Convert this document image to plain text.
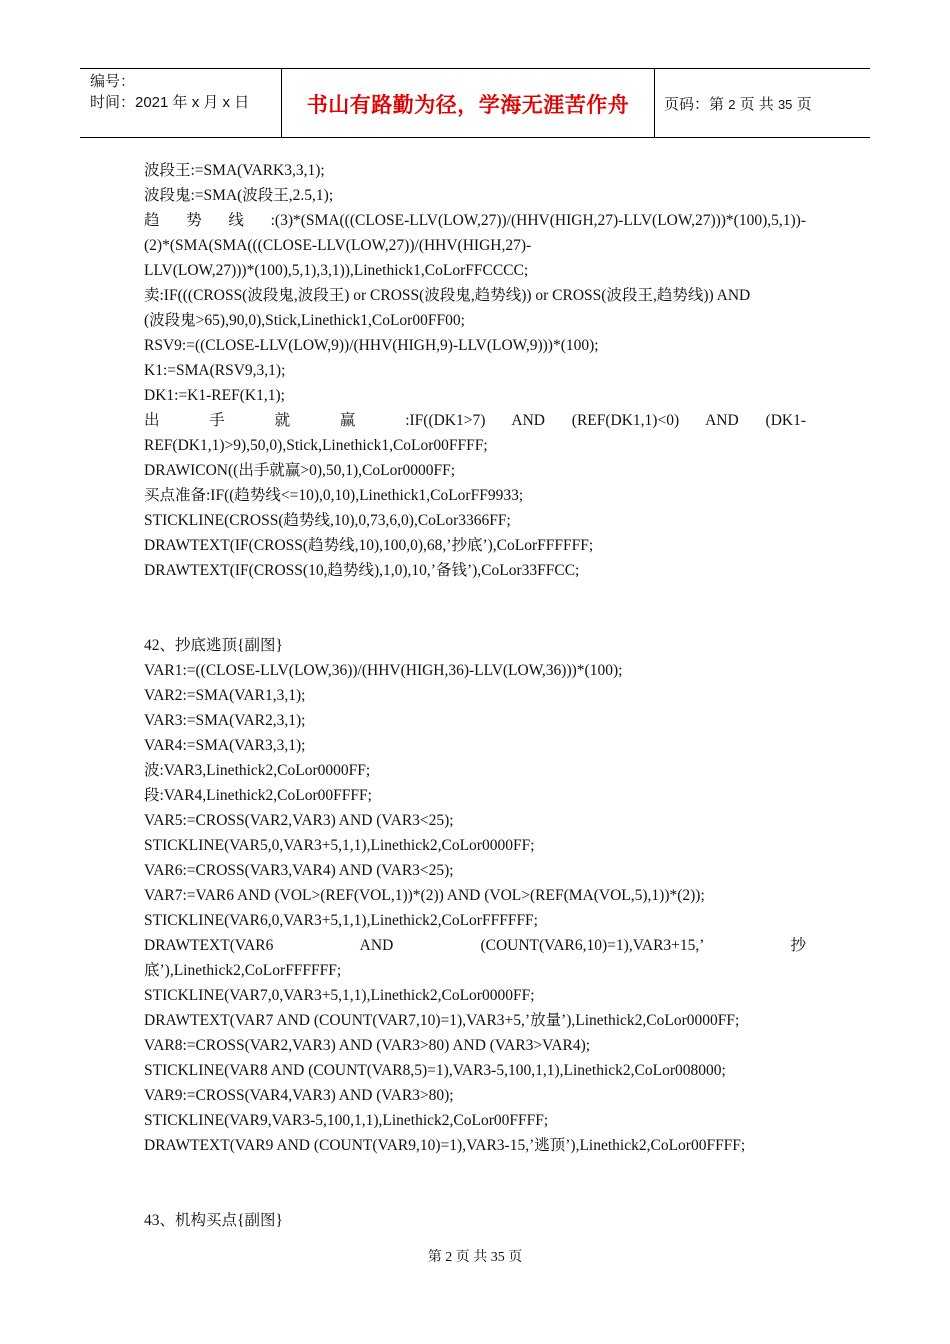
编号：
时间：2021 年 x 月 x 日	书山有路勤为径，学海无涯苦作舟	页码：第 2 页 共 35 页
波段王:=SMA(VARK3,3,1);
波段鬼:=SMA(波段王,2.5,1);
趋 势 线 :(3)*(SMA(((CLOSE-LLV(LOW,27))/(HHV(HIGH,27)-LLV(LOW,27)))*(100),5,1))-
(2)*(SMA(SMA(((CLOSE-LLV(LOW,27))/(HHV(HIGH,27)-
LLV(LOW,27)))*(100),5,1),3,1)),Linethick1,CoLorFFCCCC;
卖:IF(((CROSS(波段鬼,波段王) or CROSS(波段鬼,趋势线)) or CROSS(波段王,趋势线)) AND
(波段鬼>65),90,0),Stick,Linethick1,CoLor00FF00;
RSV9:=((CLOSE-LLV(LOW,9))/(HHV(HIGH,9)-LLV(LOW,9)))*(100);
K1:=SMA(RSV9,3,1);
DK1:=K1-REF(K1,1);
出 手 就 赢 :IF((DK1>7) AND (REF(DK1,1)<0) AND (DK1-
REF(DK1,1)>9),50,0),Stick,Linethick1,CoLor00FFFF;
DRAWICON((出手就赢>0),50,1),CoLor0000FF;
买点准备:IF((趋势线<=10),0,10),Linethick1,CoLorFF9933;
STICKLINE(CROSS(趋势线,10),0,73,6,0),CoLor3366FF;
DRAWTEXT(IF(CROSS(趋势线,10),100,0),68,’抄底’),CoLorFFFFFF;
DRAWTEXT(IF(CROSS(10,趋势线),1,0),10,’备钱’),CoLor33FFCC;
42、抄底逃顶{副图}
VAR1:=((CLOSE-LLV(LOW,36))/(HHV(HIGH,36)-LLV(LOW,36)))*(100);
VAR2:=SMA(VAR1,3,1);
VAR3:=SMA(VAR2,3,1);
VAR4:=SMA(VAR3,3,1);
波:VAR3,Linethick2,CoLor0000FF;
段:VAR4,Linethick2,CoLor00FFFF;
VAR5:=CROSS(VAR2,VAR3) AND (VAR3<25);
STICKLINE(VAR5,0,VAR3+5,1,1),Linethick2,CoLor0000FF;
VAR6:=CROSS(VAR3,VAR4) AND (VAR3<25);
VAR7:=VAR6 AND (VOL>(REF(VOL,1))*(2)) AND (VOL>(REF(MA(VOL,5),1))*(2));
STICKLINE(VAR6,0,VAR3+5,1,1),Linethick2,CoLorFFFFFF;
DRAWTEXT(VAR6 AND (COUNT(VAR6,10)=1),VAR3+15,’ 抄
底’),Linethick2,CoLorFFFFFF;
STICKLINE(VAR7,0,VAR3+5,1,1),Linethick2,CoLor0000FF;
DRAWTEXT(VAR7 AND (COUNT(VAR7,10)=1),VAR3+5,’放量’),Linethick2,CoLor0000FF;
VAR8:=CROSS(VAR2,VAR3) AND (VAR3>80) AND (VAR3>VAR4);
STICKLINE(VAR8 AND (COUNT(VAR8,5)=1),VAR3-5,100,1,1),Linethick2,CoLor008000;
VAR9:=CROSS(VAR4,VAR3) AND (VAR3>80);
STICKLINE(VAR9,VAR3-5,100,1,1),Linethick2,CoLor00FFFF;
DRAWTEXT(VAR9 AND (COUNT(VAR9,10)=1),VAR3-15,’逃顶’),Linethick2,CoLor00FFFF;
43、机构买点{副图}
第 2 页 共 35 页
